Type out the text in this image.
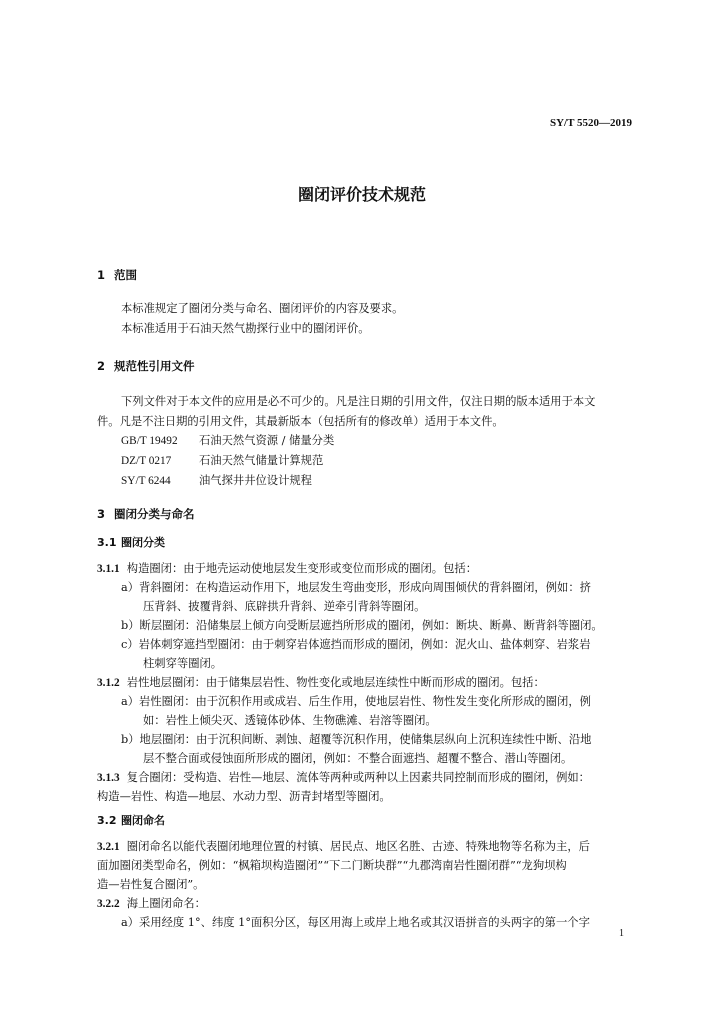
SY/T 5520—2019
圈闭评价技术规范
1 范围
本标准规定了圈闭分类与命名、圈闭评价的内容及要求。
本标准适用于石油天然气勘探行业中的圈闭评价。
2 规范性引用文件
下列文件对于本文件的应用是必不可少的。凡是注日期的引用文件，仅注日期的版本适用于本文
件。凡是不注日期的引用文件，其最新版本（包括所有的修改单）适用于本文件。
GB/T 19492 石油天然气资源 / 储量分类
DZ/T 0217 石油天然气储量计算规范
SY/T 6244	油气探井井位设计规程
3 圈闭分类与命名
3.1 圈闭分类
3.1.1 构造圈闭：由于地壳运动使地层发生变形或变位而形成的圈闭。包括：
a）背斜圈闭：在构造运动作用下，地层发生弯曲变形，形成向周围倾伏的背斜圈闭，例如：挤
压背斜、披覆背斜、底辟拱升背斜、逆牵引背斜等圈闭。
b）断层圈闭：沿储集层上倾方向受断层遮挡所形成的圈闭，例如：断块、断鼻、断背斜等圈闭。
c）岩体刺穿遮挡型圈闭：由于刺穿岩体遮挡而形成的圈闭，例如：泥火山、盐体刺穿、岩浆岩
柱刺穿等圈闭。
3.1.2 岩性地层圈闭：由于储集层岩性、物性变化或地层连续性中断而形成的圈闭。包括：
a）岩性圈闭：由于沉积作用或成岩、后生作用，使地层岩性、物性发生变化所形成的圈闭，例
如：岩性上倾尖灭、透镜体砂体、生物礁滩、岩溶等圈闭。
b）地层圈闭：由于沉积间断、剥蚀、超覆等沉积作用，使储集层纵向上沉积连续性中断、沿地
层不整合面或侵蚀面所形成的圈闭，例如：不整合面遮挡、超覆不整合、潜山等圈闭。
3.1.3 复合圈闭：受构造、岩性—地层、流体等两种或两种以上因素共同控制而形成的圈闭，例如：
构造—岩性、构造—地层、水动力型、沥青封堵型等圈闭。
3.2 圈闭命名
3.2.1 圈闭命名以能代表圈闭地理位置的村镇、居民点、地区名胜、古迹、特殊地物等名称为主，后
面加圈闭类型命名，例如：“枫箱坝构造圈闭”“下二门断块群”“九郡湾南岩性圈闭群”“龙狗坝构
造—岩性复合圈闭”。
3.2.2 海上圈闭命名：
a）采用经度 1°、纬度 1°面积分区，每区用海上或岸上地名或其汉语拼音的头两字的第一个字
1
